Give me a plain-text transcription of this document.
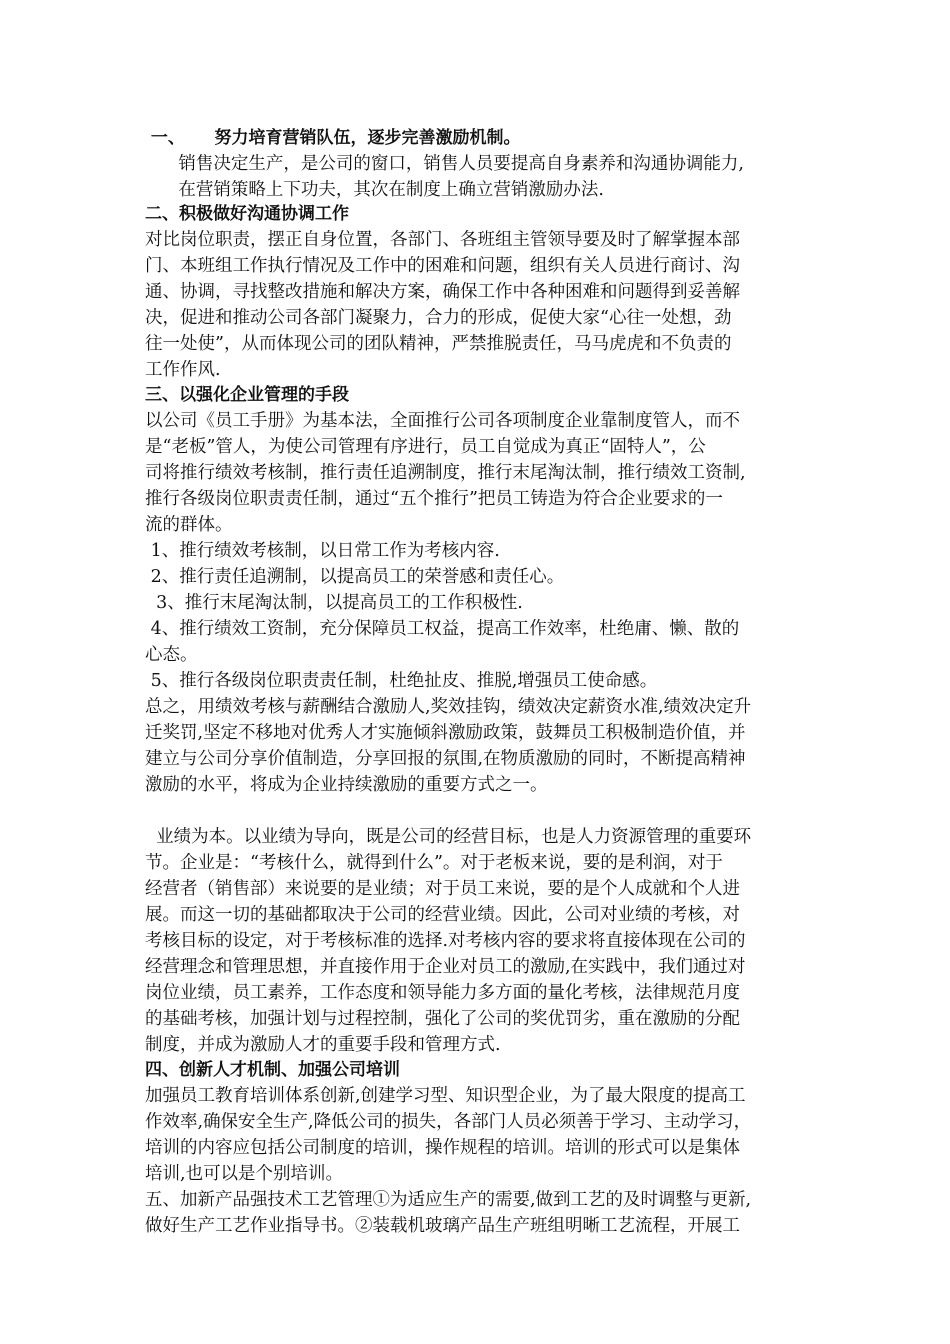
一、     努力培育营销队伍，逐步完善激励机制。
销售决定生产，是公司的窗口，销售人员要提高自身素养和沟通协调能力,
在营销策略上下功夫，其次在制度上确立营销激励办法.
二、积极做好沟通协调工作
对比岗位职责，摆正自身位置，各部门、各班组主管领导要及时了解掌握本部
门、本班组工作执行情况及工作中的困难和问题，组织有关人员进行商讨、沟
通、协调，寻找整改措施和解决方案，确保工作中各种困难和问题得到妥善解
决，促进和推动公司各部门凝聚力，合力的形成，促使大家“心往一处想，劲
往一处使”，从而体现公司的团队精神，严禁推脱责任，马马虎虎和不负责的
工作作风.
三、以强化企业管理的手段
以公司《员工手册》为基本法，全面推行公司各项制度企业靠制度管人，而不
是“老板”管人，为使公司管理有序进行，员工自觉成为真正“固特人”，公
司将推行绩效考核制，推行责任追溯制度，推行末尾淘汰制，推行绩效工资制,
推行各级岗位职责责任制，通过“五个推行”把员工铸造为符合企业要求的一
流的群体。
1、推行绩效考核制，以日常工作为考核内容.
2、推行责任追溯制，以提高员工的荣誉感和责任心。
3、推行末尾淘汰制，以提高员工的工作积极性.
4、推行绩效工资制，充分保障员工权益，提高工作效率，杜绝庸、懒、散的
心态。
5、推行各级岗位职责责任制，杜绝扯皮、推脱,增强员工使命感。
总之，用绩效考核与薪酬结合激励人,奖效挂钩，绩效决定薪资水准,绩效决定升
迁奖罚,坚定不移地对优秀人才实施倾斜激励政策，鼓舞员工积极制造价值，并
建立与公司分享价值制造，分享回报的氛围,在物质激励的同时，不断提高精神
激励的水平，将成为企业持续激励的重要方式之一。
业绩为本。以业绩为导向，既是公司的经营目标，也是人力资源管理的重要环
节。企业是：“考核什么，就得到什么”。对于老板来说，要的是利润，对于
经营者（销售部）来说要的是业绩；对于员工来说，要的是个人成就和个人进
展。而这一切的基础都取决于公司的经营业绩。因此，公司对业绩的考核，对
考核目标的设定，对于考核标准的选择.对考核内容的要求将直接体现在公司的
经营理念和管理思想，并直接作用于企业对员工的激励,在实践中，我们通过对
岗位业绩，员工素养，工作态度和领导能力多方面的量化考核，法律规范月度
的基础考核，加强计划与过程控制，强化了公司的奖优罚劣，重在激励的分配
制度，并成为激励人才的重要手段和管理方式.
四、创新人才机制、加强公司培训
加强员工教育培训体系创新,创建学习型、知识型企业，为了最大限度的提高工
作效率,确保安全生产,降低公司的损失，各部门人员必须善于学习、主动学习，
培训的内容应包括公司制度的培训，操作规程的培训。培训的形式可以是集体
培训,也可以是个别培训。
五、加新产品强技术工艺管理①为适应生产的需要,做到工艺的及时调整与更新,
做好生产工艺作业指导书。②装载机玻璃产品生产班组明晰工艺流程，开展工
